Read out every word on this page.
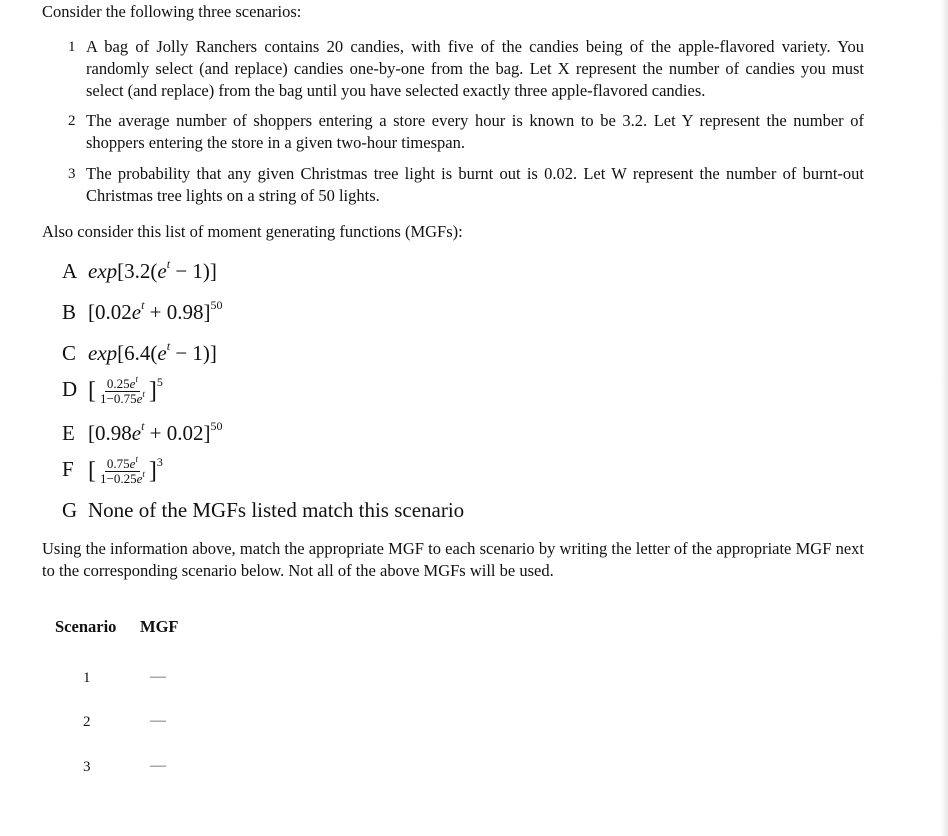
Consider the following three scenarios:
1 A bag of Jolly Ranchers contains 20 candies, with five of the candies being of the apple-flavored variety. You randomly select (and replace) candies one-by-one from the bag. Let X represent the number of candies you must select (and replace) from the bag until you have selected exactly three apple-flavored candies.
2 The average number of shoppers entering a store every hour is known to be 3.2. Let Y represent the number of shoppers entering the store in a given two-hour timespan.
3 The probability that any given Christmas tree light is burnt out is 0.02. Let W represent the number of burnt-out Christmas tree lights on a string of 50 lights.
Also consider this list of moment generating functions (MGFs):
A $\exp[3.2(e^t - 1)]$
B $[0.02e^t + 0.98]^{50}$
C $\exp[6.4(e^t - 1)]$
D [ $\frac{0.25e^t}{1-0.75e^t} ]^5$
E $[0.98e^t + 0.02]^{50}$
F [ $\frac{0.75e^t}{1-0.25e^t} ]^3$
G None of the MGFs listed match this scenario
Using the information above, match the appropriate MGF to each scenario by writing the letter of the appropriate MGF next to the corresponding scenario below. Not all of the above MGFs will be used.
Scenario MGF
1	—
2	—
3	—
